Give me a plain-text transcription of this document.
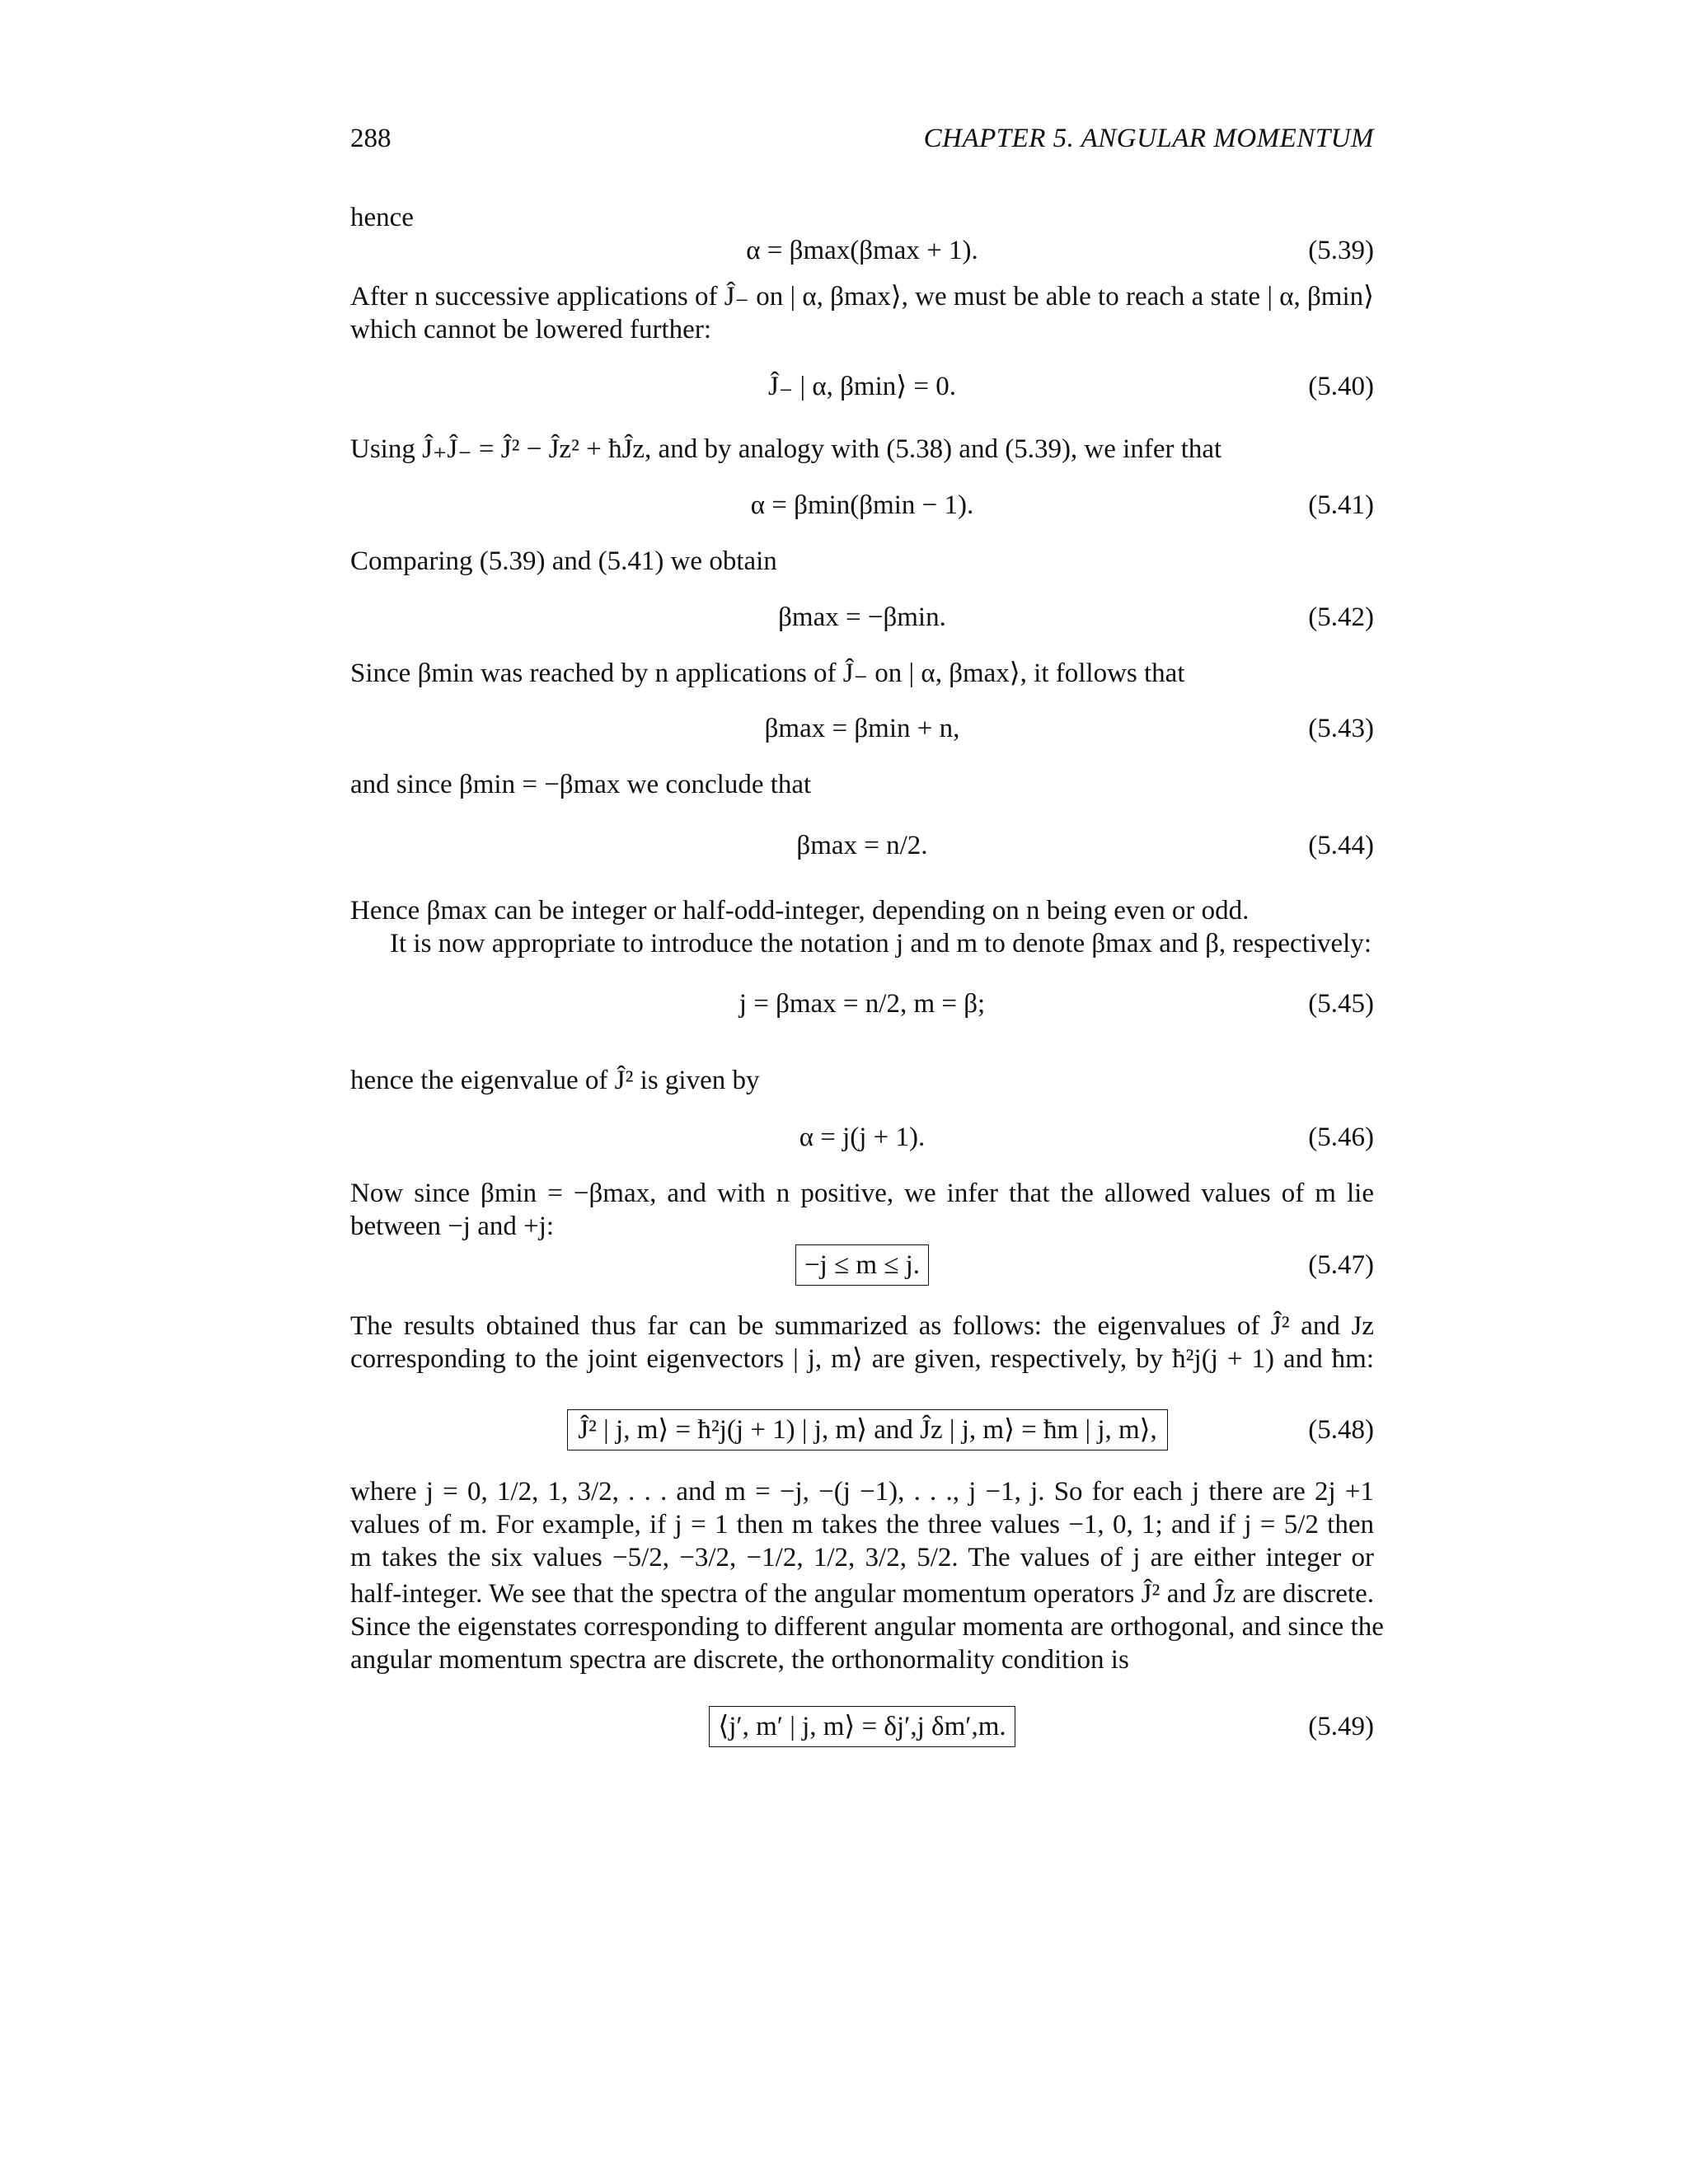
288	CHAPTER 5. ANGULAR MOMENTUM
hence
α = βmax(βmax + 1).	(5.39)
After n successive applications of Ĵ₋ on | α, βmax⟩, we must be able to reach a state | α, βmin⟩
which cannot be lowered further:
Ĵ₋ | α, βmin⟩ = 0.	(5.40)
Using Ĵ₊Ĵ₋ = Ĵ² − Ĵz² + ħĴz, and by analogy with (5.38) and (5.39), we infer that
α = βmin(βmin − 1).	(5.41)
Comparing (5.39) and (5.41) we obtain
βmax = −βmin.	(5.42)
Since βmin was reached by n applications of Ĵ₋ on | α, βmax⟩, it follows that
βmax = βmin + n,	(5.43)
and since βmin = −βmax we conclude that
βmax = n/2.	(5.44)
Hence βmax can be integer or half-odd-integer, depending on n being even or odd.
It is now appropriate to introduce the notation j and m to denote βmax and β, respectively:
j = βmax = n/2, m = β;	(5.45)
hence the eigenvalue of Ĵ² is given by
α = j(j + 1).	(5.46)
Now since βmin = −βmax, and with n positive, we infer that the allowed values of m lie
between −j and +j:
−j ≤ m ≤ j.	(5.47)
The results obtained thus far can be summarized as follows: the eigenvalues of Ĵ² and Jz
corresponding to the joint eigenvectors | j, m⟩ are given, respectively, by ħ²j(j + 1) and ħm:
Ĵ² | j, m⟩ = ħ²j(j + 1) | j, m⟩ and Ĵz | j, m⟩ = ħm | j, m⟩,	(5.48)
where j = 0, 1/2, 1, 3/2, . . . and m = −j, −(j −1), . . ., j −1, j. So for each j there are 2j +1
values of m. For example, if j = 1 then m takes the three values −1, 0, 1; and if j = 5/2 then
m takes the six values −5/2, −3/2, −1/2, 1/2, 3/2, 5/2. The values of j are either integer or
half-integer. We see that the spectra of the angular momentum operators Ĵ² and Ĵz are discrete.
Since the eigenstates corresponding to different angular momenta are orthogonal, and since the
angular momentum spectra are discrete, the orthonormality condition is
⟨j′, m′ | j, m⟩ = δj′,j δm′,m.	(5.49)
